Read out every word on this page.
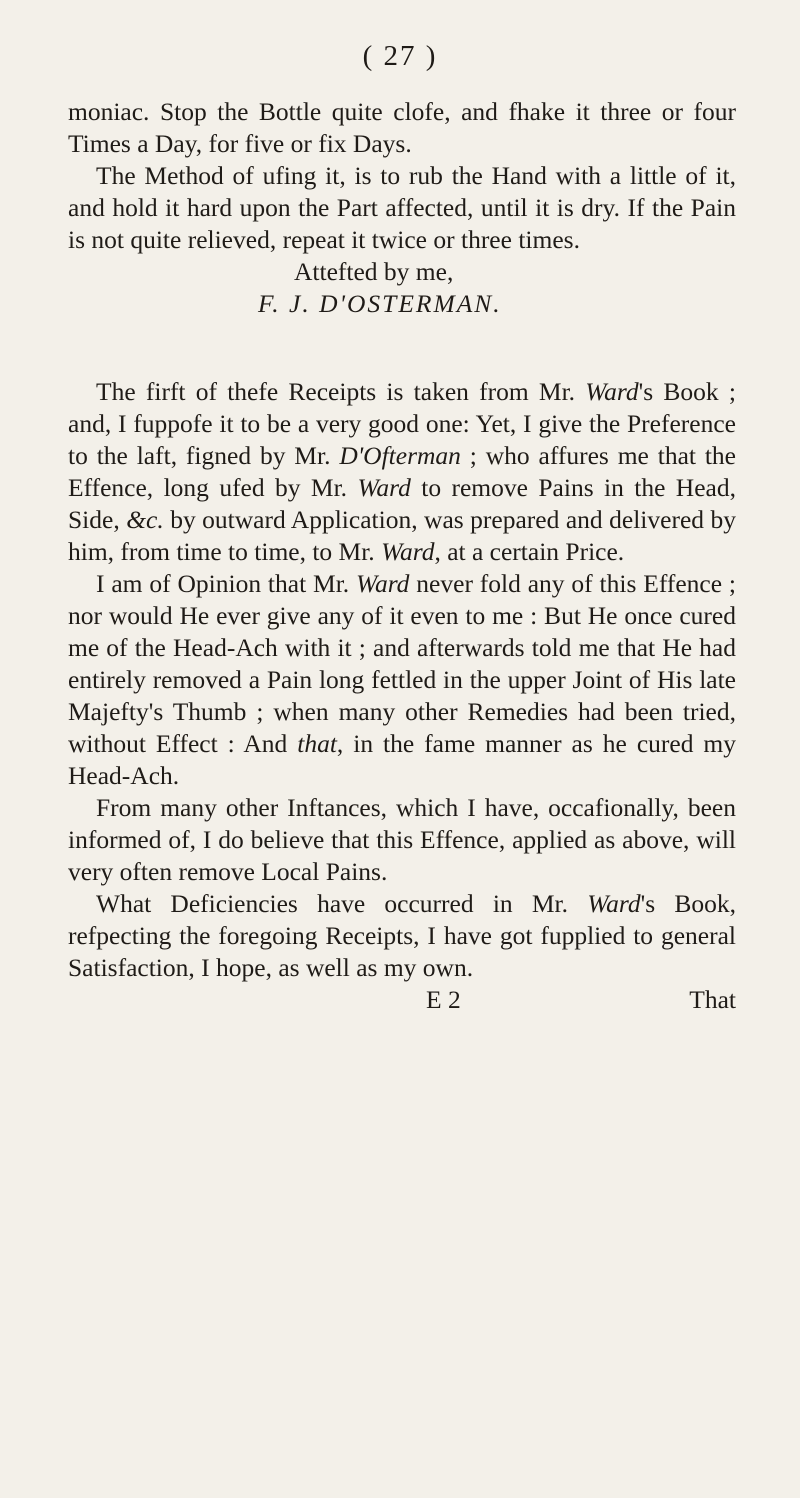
( 27 )

moniac. Stop the Bottle quite clofe, and fhake it three or four Times a Day, for five or fix Days.

The Method of ufing it, is to rub the Hand with a little of it, and hold it hard upon the Part affected, until it is dry. If the Pain is not quite relieved, repeat it twice or three times.

Attefted by me,

F. J. D'OSTERMAN.

The firft of thefe Receipts is taken from Mr. Ward's Book ; and, I fuppofe it to be a very good one: Yet, I give the Preference to the laft, figned by Mr. D'Ofterman ; who affures me that the Effence, long ufed by Mr. Ward to remove Pains in the Head, Side, &c. by outward Application, was prepared and delivered by him, from time to time, to Mr. Ward, at a certain Price.

I am of Opinion that Mr. Ward never fold any of this Effence ; nor would He ever give any of it even to me : But He once cured me of the Head-Ach with it ; and afterwards told me that He had entirely removed a Pain long fettled in the upper Joint of His late Majefty's Thumb ; when many other Remedies had been tried, without Effect : And that, in the fame manner as he cured my Head-Ach.

From many other Inftances, which I have, occafionally, been informed of, I do believe that this Effence, applied as above, will very often remove Local Pains.

What Deficiencies have occurred in Mr. Ward's Book, refpecting the foregoing Receipts, I have got fupplied to general Satisfaction, I hope, as well as my own.

E 2	That
